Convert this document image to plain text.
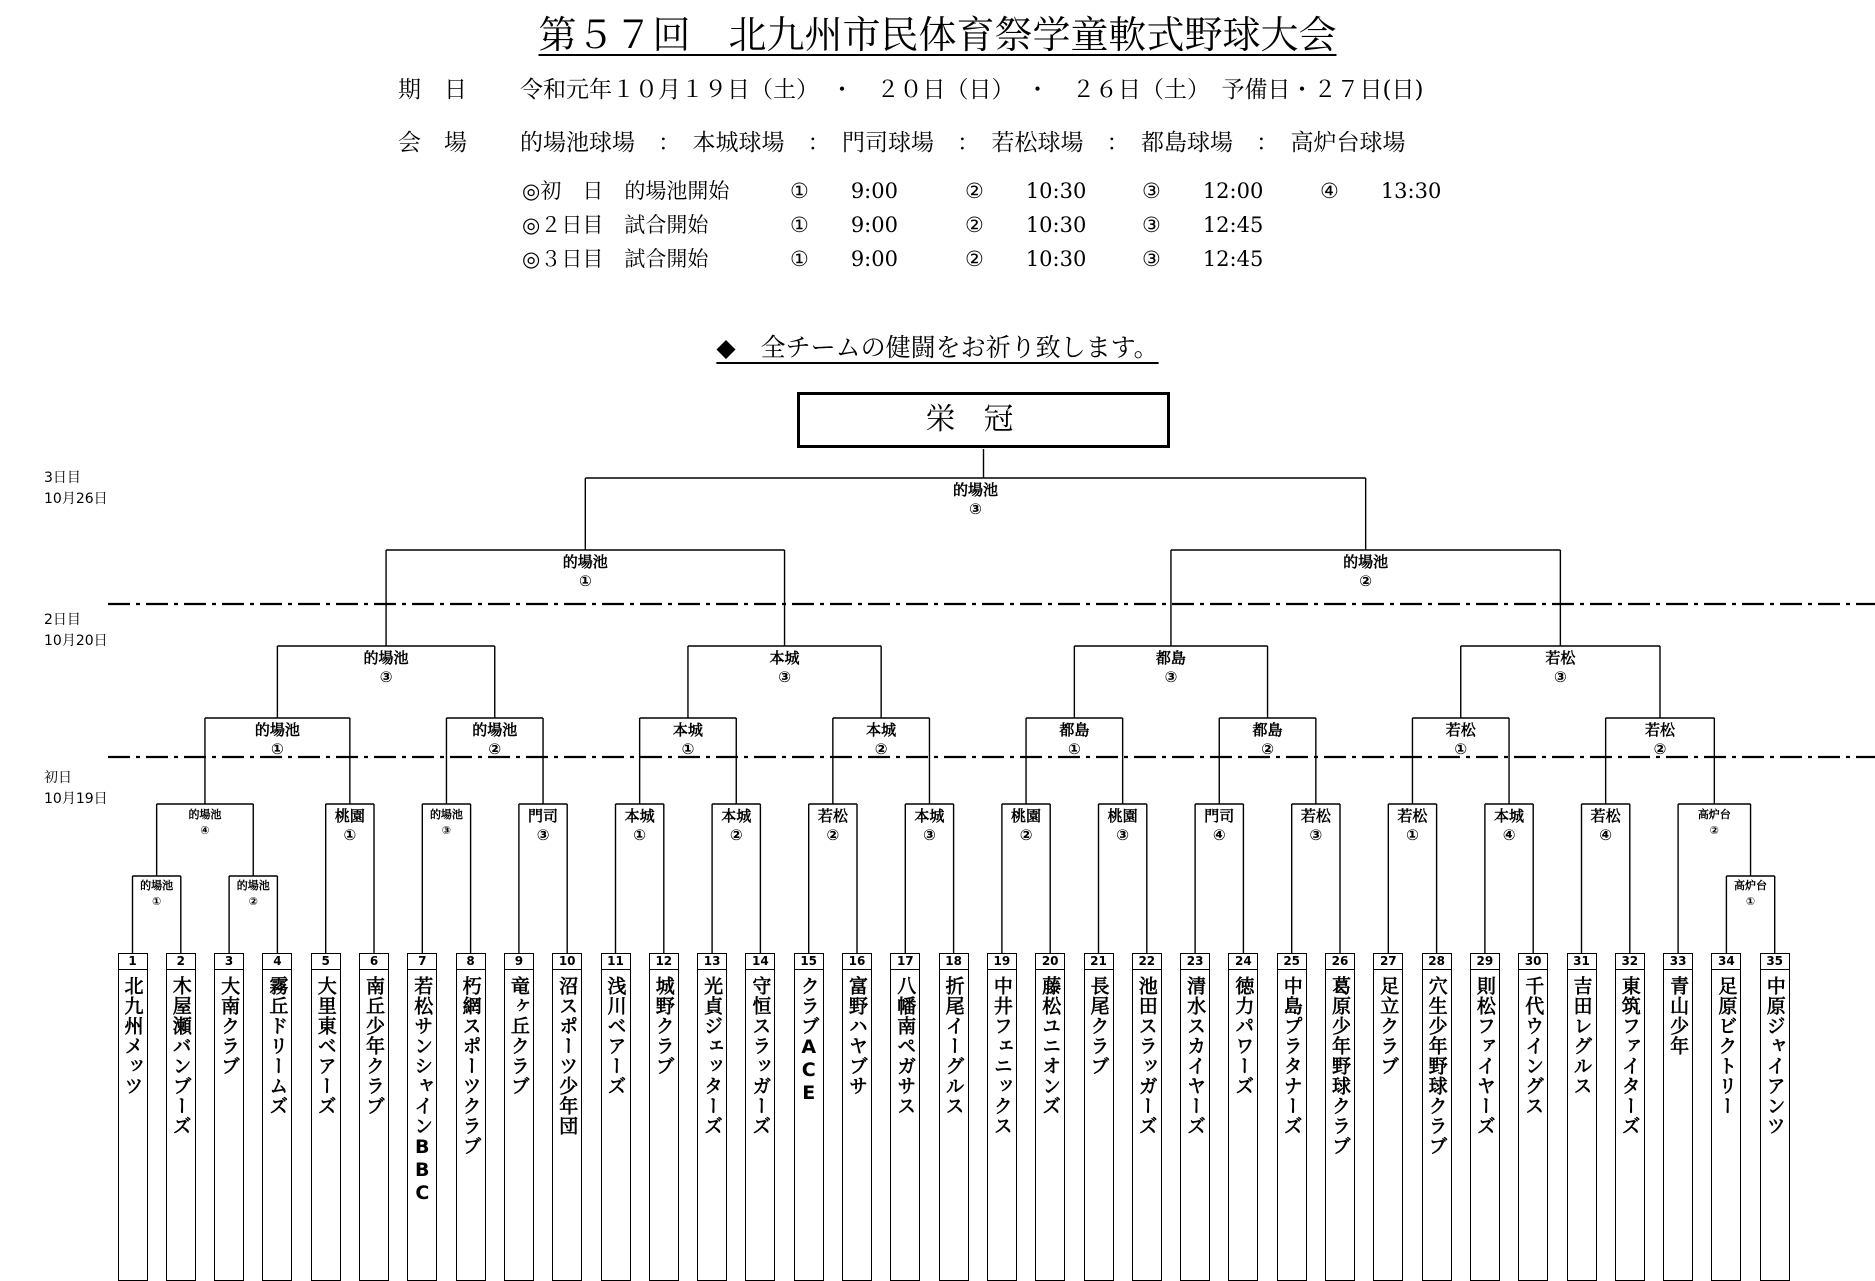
第５７回　北九州市民体育祭学童軟式野球大会
期　日 令和元年１０月１９日（土）　・　２０日（日）　・　２６日（土）　予備日・２７日(日)
会　場 的場池球場　：　本城球場　：　門司球場　：　若松球場　：　都島球場　：　高炉台球場
◎初　日　的場池開始	①　　9:00	②　　10:30	③　　12:00	④　　13:30
◎２日目　試合開始	①　　9:00	②　　10:30	③　　12:45
◎３日目　試合開始	①　　9:00	②　　10:30	③　　12:45
◆　全チームの健闘をお祈り致します。
栄冠
3日目
10月26日
2日目
10月20日
初日
10月19日
的場池
①
的場池
②
高炉台
①
的場池
④
桃園
①
的場池
③
門司
③
本城
①
本城
②
若松
②
本城
③
桃園
②
桃園
③
門司
④
若松
③
若松
①
本城
④
若松
④
高炉台
②
的場池
①
的場池
②
本城
①
本城
②
都島
①
都島
②
若松
①
若松
②
的場池
③
本城
③
都島
③
若松
③
的場池
①
的場池
②
的場池
③
1
北九州メッツ
2
木屋瀬バンブーズ
3
大南クラブ
4
霧丘ドリームズ
5
大里東ベアーズ
6
南丘少年クラブ
7
若松サンシャインBBC
8
朽網スポーツクラブ
9
竜ヶ丘クラブ
10
沼スポーツ少年団
11
浅川ベアーズ
12
城野クラブ
13
光貞ジェッターズ
14
守恒スラッガーズ
15
クラブACE
16
富野ハヤブサ
17
八幡南ペガサス
18
折尾イーグルス
19
中井フェニックス
20
藤松ユニオンズ
21
長尾クラブ
22
池田スラッガーズ
23
清水スカイヤーズ
24
徳力パワーズ
25
中島プラタナーズ
26
葛原少年野球クラブ
27
足立クラブ
28
穴生少年野球クラブ
29
則松ファイヤーズ
30
千代ウイングス
31
吉田レグルス
32
東筑ファイターズ
33
青山少年
34
足原ビクトリー
35
中原ジャイアンツ
